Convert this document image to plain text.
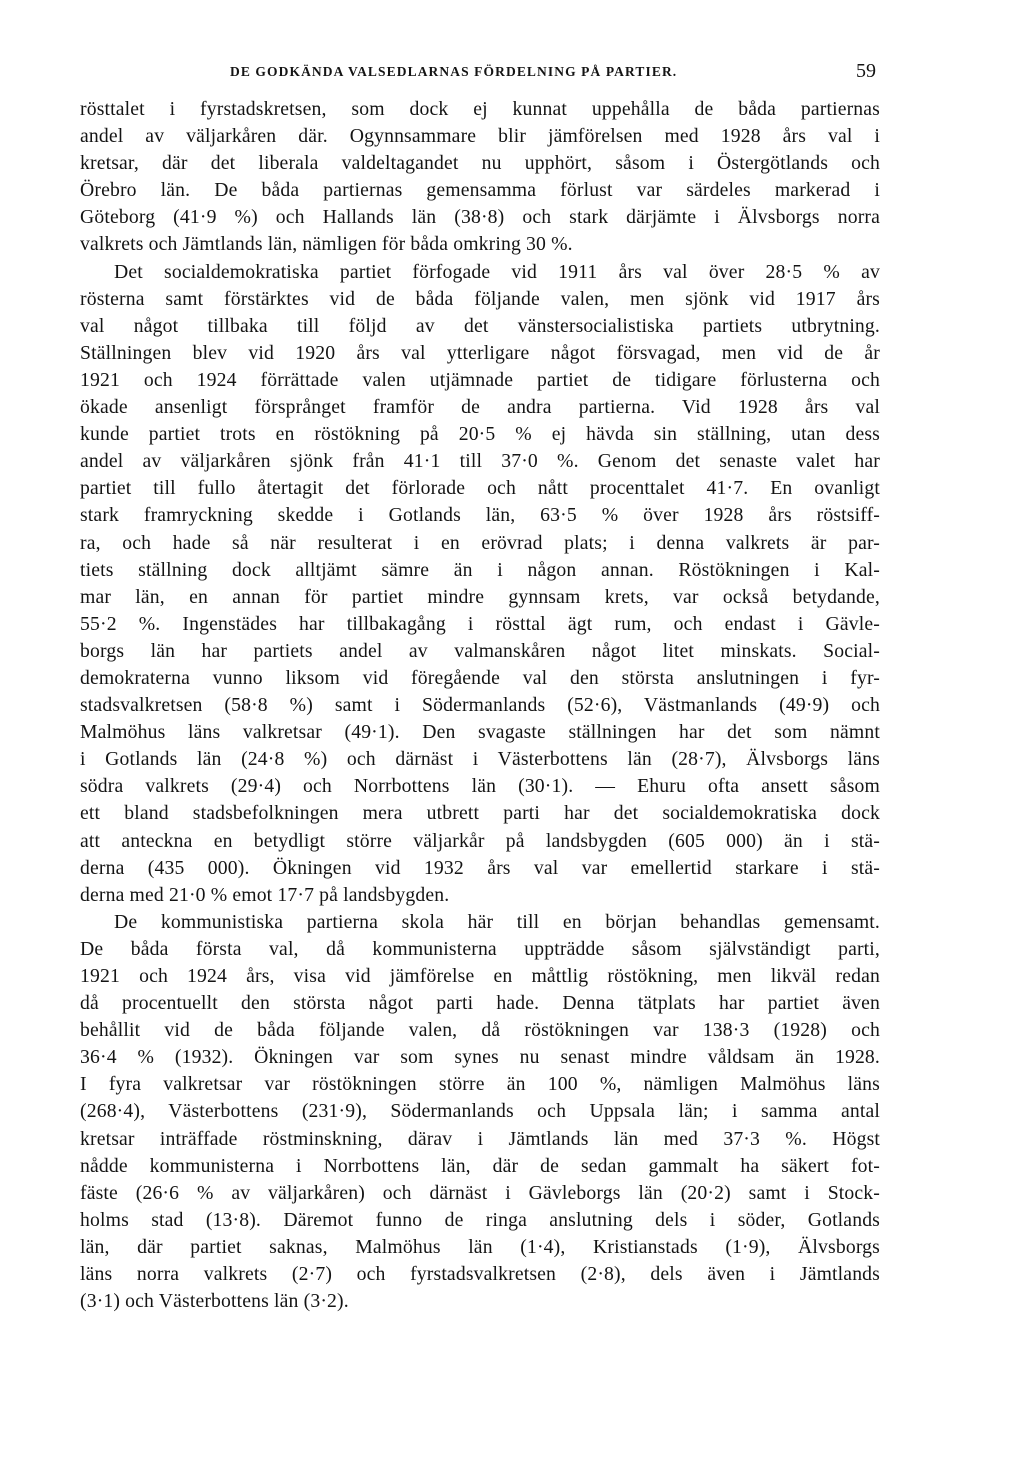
DE GODKÄNDA VALSEDLARNAS FÖRDELNING PÅ PARTIER.	59
rösttalet i fyrstadskretsen, som dock ej kunnat uppehålla de båda partiernas
andel av väljarkåren där. Ogynnsammare blir jämförelsen med 1928 års val i
kretsar, där det liberala valdeltagandet nu upphört, såsom i Östergötlands och
Örebro län. De båda partiernas gemensamma förlust var särdeles markerad i
Göteborg (41·9 %) och Hallands län (38·8) och stark därjämte i Älvsborgs norra
valkrets och Jämtlands län, nämligen för båda omkring 30 %.
Det socialdemokratiska partiet förfogade vid 1911 års val över 28·5 % av
rösterna samt förstärktes vid de båda följande valen, men sjönk vid 1917 års
val något tillbaka till följd av det vänstersocialistiska partiets utbrytning.
Ställningen blev vid 1920 års val ytterligare något försvagad, men vid de år
1921 och 1924 förrättade valen utjämnade partiet de tidigare förlusterna och
ökade ansenligt försprånget framför de andra partierna. Vid 1928 års val
kunde partiet trots en röstökning på 20·5 % ej hävda sin ställning, utan dess
andel av väljarkåren sjönk från 41·1 till 37·0 %. Genom det senaste valet har
partiet till fullo återtagit det förlorade och nått procenttalet 41·7. En ovanligt
stark framryckning skedde i Gotlands län, 63·5 % över 1928 års röstsiff-
ra, och hade så när resulterat i en erövrad plats; i denna valkrets är par-
tiets ställning dock alltjämt sämre än i någon annan. Röstökningen i Kal-
mar län, en annan för partiet mindre gynnsam krets, var också betydande,
55·2 %. Ingenstädes har tillbakagång i rösttal ägt rum, och endast i Gävle-
borgs län har partiets andel av valmanskåren något litet minskats. Social-
demokraterna vunno liksom vid föregående val den största anslutningen i fyr-
stadsvalkretsen (58·8 %) samt i Södermanlands (52·6), Västmanlands (49·9) och
Malmöhus läns valkretsar (49·1). Den svagaste ställningen har det som nämnt
i Gotlands län (24·8 %) och därnäst i Västerbottens län (28·7), Älvsborgs läns
södra valkrets (29·4) och Norrbottens län (30·1). — Ehuru ofta ansett såsom
ett bland stadsbefolkningen mera utbrett parti har det socialdemokratiska dock
att anteckna en betydligt större väljarkår på landsbygden (605 000) än i stä-
derna (435 000). Ökningen vid 1932 års val var emellertid starkare i stä-
derna med 21·0 % emot 17·7 på landsbygden.
De kommunistiska partierna skola här till en början behandlas gemensamt.
De båda första val, då kommunisterna uppträdde såsom självständigt parti,
1921 och 1924 års, visa vid jämförelse en måttlig röstökning, men likväl redan
då procentuellt den största något parti hade. Denna tätplats har partiet även
behållit vid de båda följande valen, då röstökningen var 138·3 (1928) och
36·4 % (1932). Ökningen var som synes nu senast mindre våldsam än 1928.
I fyra valkretsar var röstökningen större än 100 %, nämligen Malmöhus läns
(268·4), Västerbottens (231·9), Södermanlands och Uppsala län; i samma antal
kretsar inträffade röstminskning, därav i Jämtlands län med 37·3 %. Högst
nådde kommunisterna i Norrbottens län, där de sedan gammalt ha säkert fot-
fäste (26·6 % av väljarkåren) och därnäst i Gävleborgs län (20·2) samt i Stock-
holms stad (13·8). Däremot funno de ringa anslutning dels i söder, Gotlands
län, där partiet saknas, Malmöhus län (1·4), Kristianstads (1·9), Älvsborgs
läns norra valkrets (2·7) och fyrstadsvalkretsen (2·8), dels även i Jämtlands
(3·1) och Västerbottens län (3·2).
